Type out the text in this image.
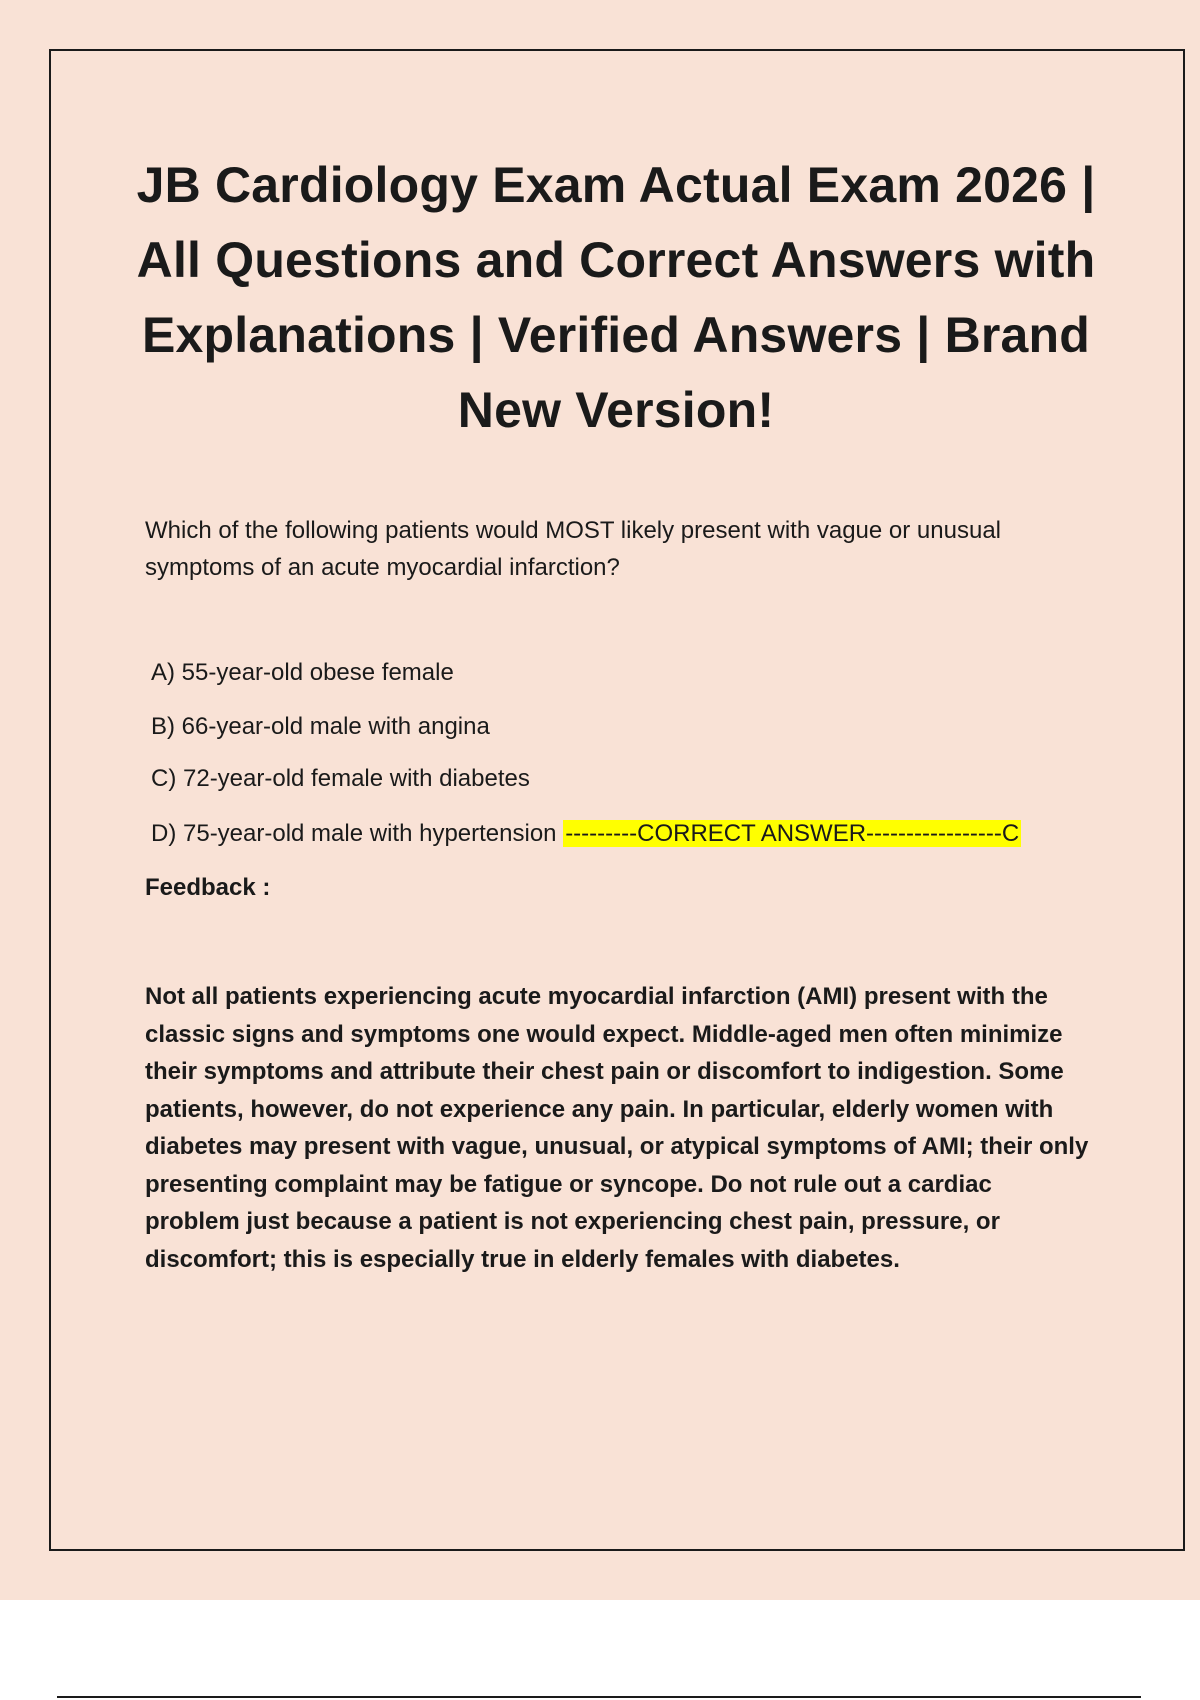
JB Cardiology Exam Actual Exam 2026 | All Questions and Correct Answers with Explanations | Verified Answers | Brand New Version!

Which of the following patients would MOST likely present with vague or unusual symptoms of an acute myocardial infarction?

A) 55-year-old obese female

B) 66-year-old male with angina

C) 72-year-old female with diabetes

D) 75-year-old male with hypertension ---------CORRECT ANSWER-----------------C

Feedback :

Not all patients experiencing acute myocardial infarction (AMI) present with the classic signs and symptoms one would expect. Middle-aged men often minimize their symptoms and attribute their chest pain or discomfort to indigestion. Some patients, however, do not experience any pain. In particular, elderly women with diabetes may present with vague, unusual, or atypical symptoms of AMI; their only presenting complaint may be fatigue or syncope. Do not rule out a cardiac problem just because a patient is not experiencing chest pain, pressure, or discomfort; this is especially true in elderly females with diabetes.
